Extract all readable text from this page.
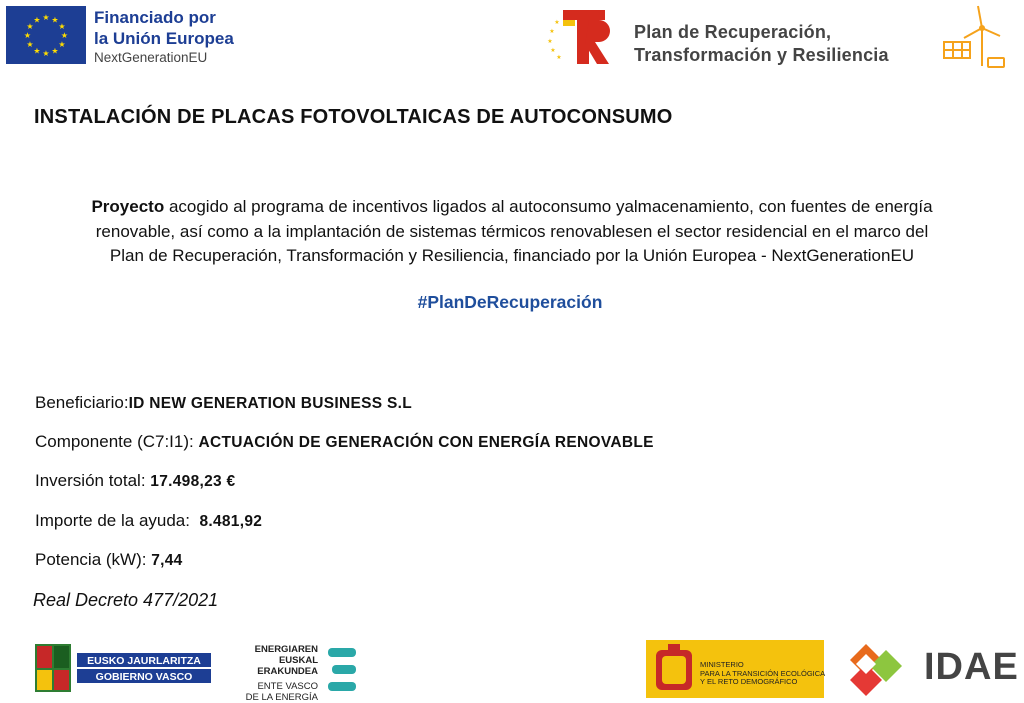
★ ★
★
★
★
★
★
★
★
★
★
★	Financiado por
la Unión Europea
NextGenerationEU
★
★
★
★
★
Plan de Recuperación,
Transformación y Resiliencia
INSTALACIÓN DE PLACAS FOTOVOLTAICAS DE AUTOCONSUMO
Proyecto acogido al programa de incentivos ligados al autoconsumo yalmacenamiento, con fuentes de energía
renovable, así como a la implantación de sistemas térmicos renovablesen el sector residencial en el marco del
Plan de Recuperación, Transformación y Resiliencia, financiado por la Unión Europea - NextGenerationEU
#PlanDeRecuperación
Beneficiario:ID NEW GENERATION BUSINESS S.L
Componente (C7:I1): ACTUACIÓN DE GENERACIÓN CON ENERGÍA RENOVABLE
Inversión total: 17.498,23 €
Importe de la ayuda: 8.481,92
Potencia (kW): 7,44
Real Decreto 477/2021
EUSKO JAURLARITZA
GOBIERNO VASCO
ENERGIAREN
EUSKAL ERAKUNDEA
ENTE VASCO
DE LA ENERGÍA
MINISTERIO
PARA LA TRANSICIÓN ECOLÓGICA
Y EL RETO DEMOGRÁFICO	IDAE
